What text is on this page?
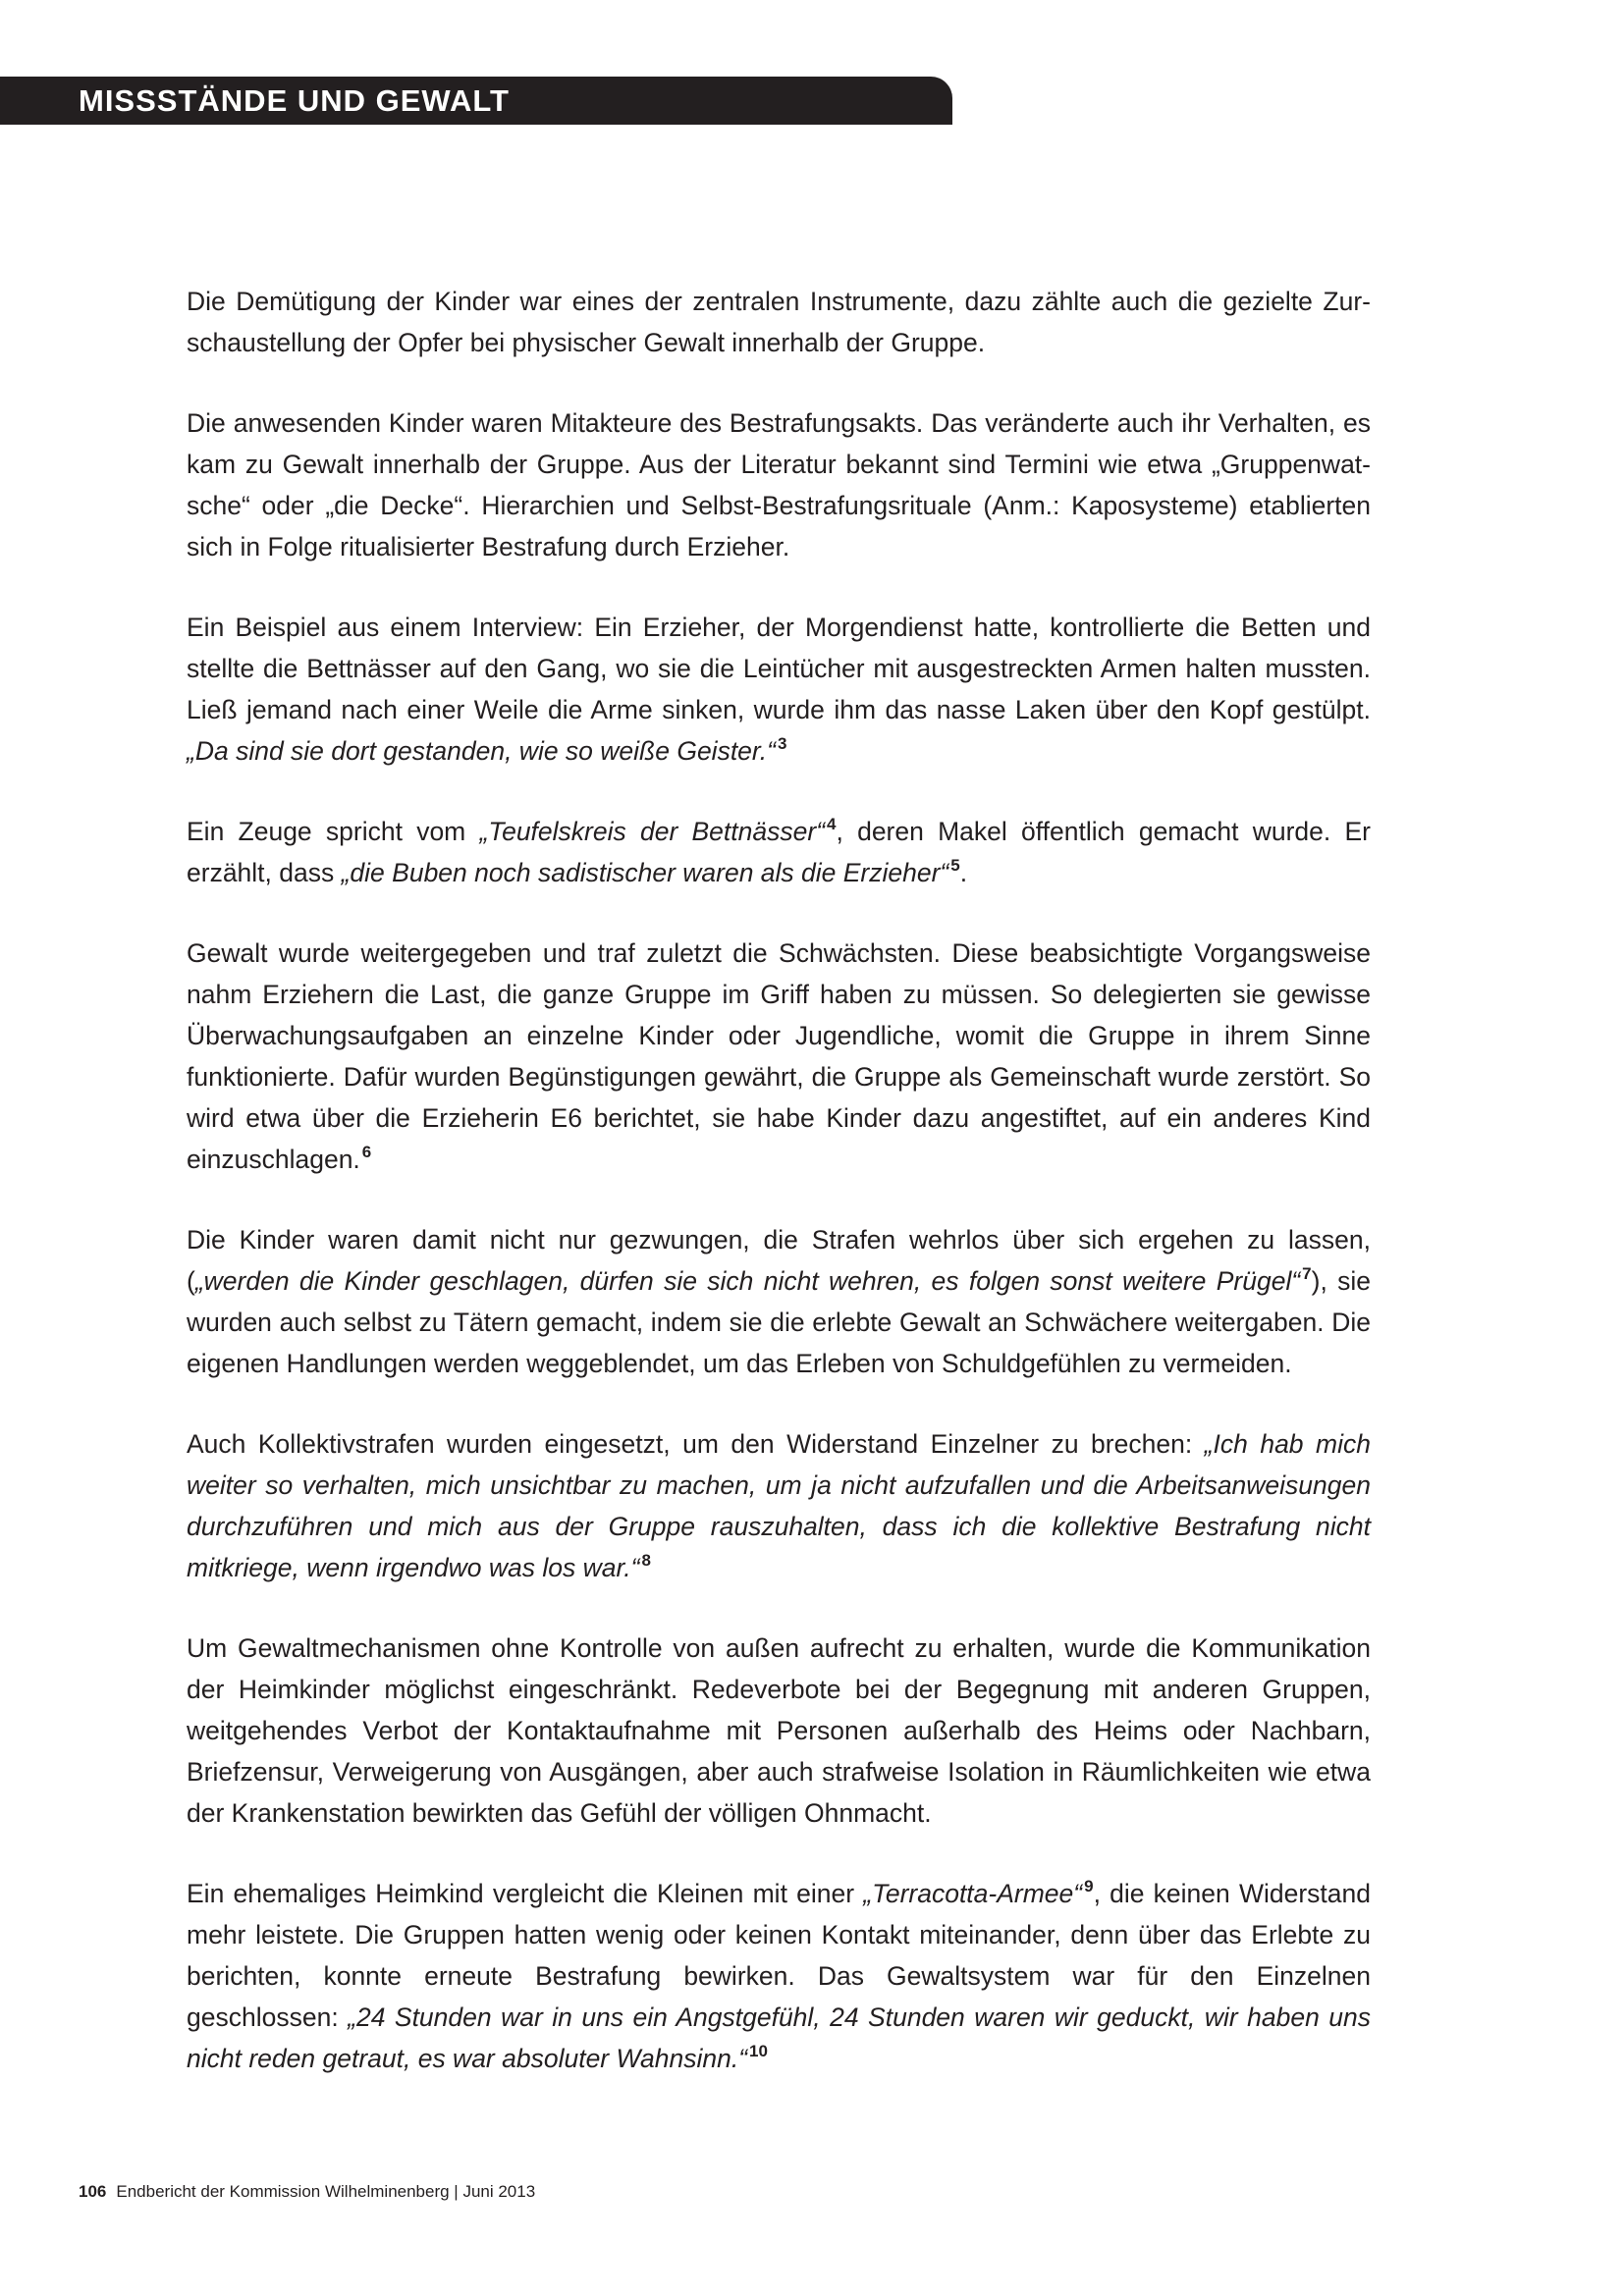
MISSSTÄNDE UND GEWALT

Die Demütigung der Kinder war eines der zentralen Instrumente, dazu zählte auch die gezielte Zurschaustellung der Opfer bei physischer Gewalt innerhalb der Gruppe.

Die anwesenden Kinder waren Mitakteure des Bestrafungsakts. Das veränderte auch ihr Verhalten, es kam zu Gewalt innerhalb der Gruppe. Aus der Literatur bekannt sind Termini wie etwa „Gruppenwatsche“ oder „die Decke“. Hierarchien und Selbst-Bestrafungsrituale (Anm.: Kaposysteme) etablierten sich in Folge ritualisierter Bestrafung durch Erzieher.

Ein Beispiel aus einem Interview: Ein Erzieher, der Morgendienst hatte, kontrollierte die Betten und stellte die Bettnässer auf den Gang, wo sie die Leintücher mit ausgestreckten Armen halten mussten. Ließ jemand nach einer Weile die Arme sinken, wurde ihm das nasse Laken über den Kopf gestülpt. „Da sind sie dort gestanden, wie so weiße Geister.“ $^3$

Ein Zeuge spricht vom „Teufelskreis der Bettnässer“ $^4$, deren Makel öffentlich gemacht wurde. Er erzählt, dass „die Buben noch sadistischer waren als die Erzieher“ $^5$.

Gewalt wurde weitergegeben und traf zuletzt die Schwächsten. Diese beabsichtigte Vorgangsweise nahm Erziehern die Last, die ganze Gruppe im Griff haben zu müssen. So delegierten sie gewisse Überwachungsaufgaben an einzelne Kinder oder Jugendliche, womit die Gruppe in ihrem Sinne funktionierte. Dafür wurden Begünstigungen gewährt, die Gruppe als Gemeinschaft wurde zerstört. So wird etwa über die Erzieherin E6 berichtet, sie habe Kinder dazu angestiftet, auf ein anderes Kind einzuschlagen. $^6$

Die Kinder waren damit nicht nur gezwungen, die Strafen wehrlos über sich ergehen zu lassen, („werden die Kinder geschlagen, dürfen sie sich nicht wehren, es folgen sonst weitere Prügel“ $^7$), sie wurden auch selbst zu Tätern gemacht, indem sie die erlebte Gewalt an Schwächere weitergaben. Die eigenen Handlungen werden weggeblendet, um das Erleben von Schuldgefühlen zu vermeiden.

Auch Kollektivstrafen wurden eingesetzt, um den Widerstand Einzelner zu brechen: „Ich hab mich weiter so verhalten, mich unsichtbar zu machen, um ja nicht aufzufallen und die Arbeitsanweisungen durchzuführen und mich aus der Gruppe rauszuhalten, dass ich die kollektive Bestrafung nicht mitkriege, wenn irgendwo was los war.“ $^8$

Um Gewaltmechanismen ohne Kontrolle von außen aufrecht zu erhalten, wurde die Kommunikation der Heimkinder möglichst eingeschränkt. Redeverbote bei der Begegnung mit anderen Gruppen, weitgehendes Verbot der Kontaktaufnahme mit Personen außerhalb des Heims oder Nachbarn, Briefzensur, Verweigerung von Ausgängen, aber auch strafweise Isolation in Räumlichkeiten wie etwa der Krankenstation bewirkten das Gefühl der völligen Ohnmacht.

Ein ehemaliges Heimkind vergleicht die Kleinen mit einer „Terracotta-Armee“ $^9$, die keinen Widerstand mehr leistete. Die Gruppen hatten wenig oder keinen Kontakt miteinander, denn über das Erlebte zu berichten, konnte erneute Bestrafung bewirken. Das Gewaltsystem war für den Einzelnen geschlossen: „24 Stunden war in uns ein Angstgefühl, 24 Stunden waren wir geduckt, wir haben uns nicht reden getraut, es war absoluter Wahnsinn.“ $^{10}$

106 Endbericht der Kommission Wilhelminenberg | Juni 2013
